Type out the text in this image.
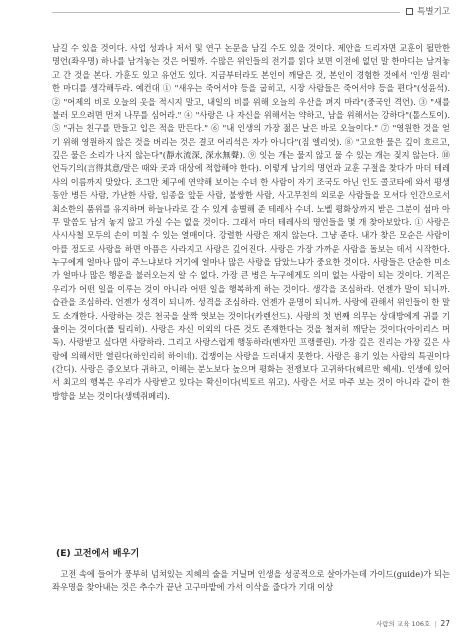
특별기고

남길 수 있을 것이다. 사업 성과나 저서 및 연구 논문을 남길 수도 있을 것이다. 제안을 드리자면 교훈이 될만한 명언(좌우명) 하나를 남겨놓는 것은 어떨까. 수많은 위인들의 전기를 읽다 보면 이전에 없던 말 한마디는 남겨놓고 간 것을 본다. 가훈도 있고 유언도 있다. 지금부터라도 본인이 깨달은 것, 본인이 경험한 것에서 '인생 원리' 한 마디를 생각해두라. 예컨대 ① "새우는 죽어서야 등을 굽히고, 시장 사람들은 죽어서야 등을 편다"(성윤석). ② "어제의 비로 오늘의 옷을 적시지 말고, 내일의 비를 위해 오늘의 우산을 펴지 마라"(중국인 격언). ③ "새를 불러 모으려면 먼저 나무를 심어라." ④ "사랑은 나 자신을 위해서는 약하고, 남을 위해서는 강하다"(톨스토이). ⑤ "귀는 친구를 만들고 입은 적을 만든다." ⑥ "내 인생의 가장 젊은 날은 바로 오늘이다." ⑦ "영원한 것을 얻기 위해 영원하지 않은 것을 버리는 것은 결코 어리석은 자가 아니다"(짐 엘리엇). ⑧ "고요한 물은 깊이 흐르고, 깊은 물은 소리가 나지 않는다"(靜水流深, 深水無聲). ⑨ 잇는 개는 물지 않고 물 수 있는 개는 짖지 않는다. ⑩ 언득기의(言得其意/말은 때와 곳과 대상에 적합해야 한다). 이렇게 남기의 명언과 교훈 구절을 찾다가 마더 테레사의 이름까지 맞았다. 조그만 체구에 연약해 보이는 수녀 한 사람이 자기 조국도 아닌 인도 콜코타에 와서 평생 동안 병든 사람, 가난한 사람, 임종을 앞둔 사람, 불쌍한 사람, 사고무친의 외로운 사람들을 모셔다 인간으로서 최소한의 품위를 유지하며 하늘나라로 갈 수 있게 송별해 준 테레사 수녀. 노벨 평화상까지 받은 그분이 섬마 아무 말씀도 남겨 놓지 않고 가실 수는 없을 것이다. 그래서 마더 테레사의 명언들을 몇 개 찾아보았다. ① 사랑은 사시사철 모두의 손이 미칠 수 있는 열매이다. 강렬한 사랑은 재지 않는다. 그냥 준다. 내가 찾은 모순은 사람이 아플 정도로 사랑을 하면 아픔은 사라지고 사랑은 깊어진다. 사랑은 가장 가까운 사람을 돌보는 데서 시작한다. 누구에게 얼마나 많이 주느냐보다 거기에 얼마나 많은 사랑을 담았느냐가 중요한 것이다. 사랑들은 단순한 미소가 얼마나 많은 행운을 불러오는지 알 수 없다. 가장 큰 병은 누구에게도 의미 없는 사람이 되는 것이다. 기적은 우리가 어떤 일을 이루는 것이 아니라 어떤 일을 행복하게 하는 것이다. 생각을 조심하라. 언젠가 말이 되니까. 습관을 조심하라. 언젠가 성격이 되니까. 성격을 조심하라. 언젠가 운명이 되니까. 사랑에 관해서 위인들이 한 말도 소개한다. 사랑하는 것은 천국을 살짝 엿보는 것이다(카렌선드). 사랑의 첫 번째 의무는 상대방에게 귀를 기울이는 것이다(폴 틸리히). 사랑은 자신 이외의 다른 것도 존재한다는 것을 철저히 깨닫는 것이다(아이리스 머독). 사랑받고 싶다면 사랑하라. 그리고 사랑스럽게 행동하라(벤자민 프랭클린). 가장 깊은 진리는 가장 깊은 사랑에 의해서만 열린다(하인리히 하이네). 겁쟁이는 사랑을 드러내지 못한다. 사랑은 용기 있는 사람의 특권이다(간디). 사랑은 증오보다 귀하고, 이해는 분노보다 높으며 평화는 전쟁보다 고귀하다(헤르만 헤세). 인생에 있어서 최고의 행복은 우리가 사랑받고 있다는 확신이다(빅토르 위고). 사랑은 서로 마주 보는 것이 아니라 같이 한 방향을 보는 것이다(생텍쥐페리).

(E) 고전에서 배우기

고전 속에 들어가 풍부히 넘쳐있는 지혜의 술을 거닐며 인생을 성공적으로 살아가는데 가이드(guide)가 되는 좌우명을 찾아내는 것은 추수가 끝난 고구마밭에 가서 이삭을 줍다가 기대 이상

사람의 교육 106호 | 27
